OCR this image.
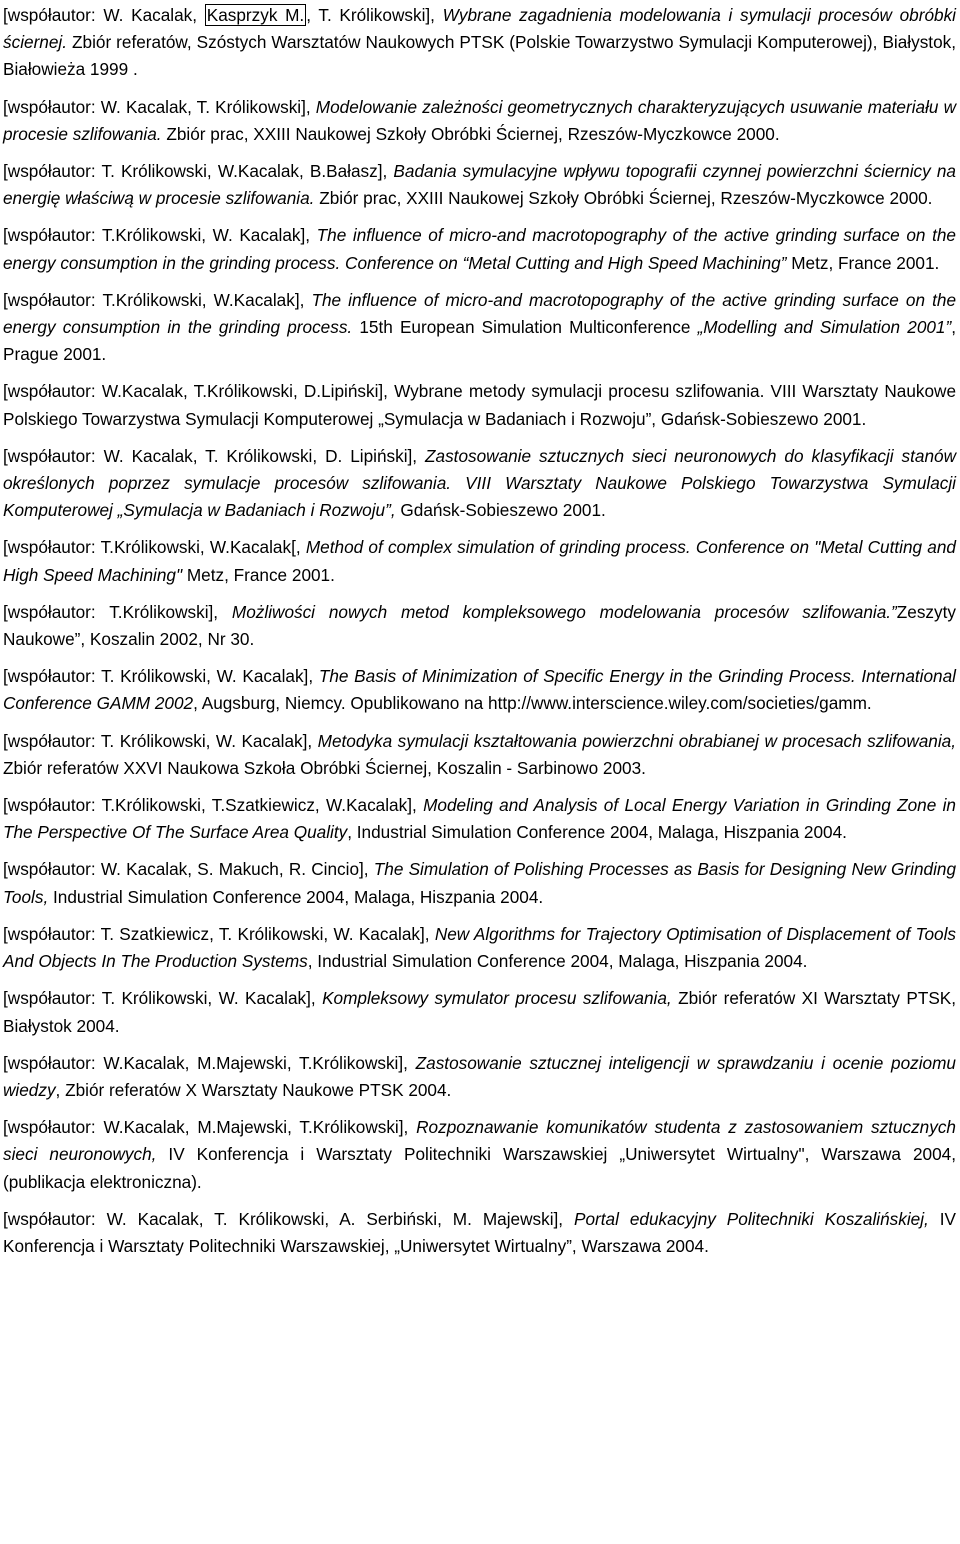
[współautor: W. Kacalak, Kasprzyk M. , T. Królikowski], Wybrane zagadnienia modelowania i symulacji procesów obróbki ściernej. Zbiór referatów, Szóstych Warsztatów Naukowych PTSK (Polskie Towarzystwo Symulacji Komputerowej), Białystok, Białowieża 1999 .

[współautor: W. Kacalak, T. Królikowski], Modelowanie zależności geometrycznych charakteryzujących usuwanie materiału w procesie szlifowania. Zbiór prac, XXIII Naukowej Szkoły Obróbki Ściernej, Rzeszów-Myczkowce 2000.

[współautor: T. Królikowski, W.Kacalak, B.Bałasz], Badania symulacyjne wpływu topografii czynnej powierzchni ściernicy na energię właściwą w procesie szlifowania. Zbiór prac, XXIII Naukowej Szkoły Obróbki Ściernej, Rzeszów-Myczkowce 2000.

[współautor: T.Królikowski, W. Kacalak], The influence of micro-and macrotopography of the active grinding surface on the energy consumption in the grinding process. Conference on “Metal Cutting and High Speed Machining” Metz, France 2001.

[współautor: T.Królikowski, W.Kacalak], The influence of micro-and macrotopography of the active grinding surface on the energy consumption in the grinding process. 15th European Simulation Multiconference „Modelling and Simulation 2001”, Prague 2001.

[współautor: W.Kacalak, T.Królikowski, D.Lipiński], Wybrane metody symulacji procesu szlifowania. VIII Warsztaty Naukowe Polskiego Towarzystwa Symulacji Komputerowej „Symulacja w Badaniach i Rozwoju”, Gdańsk-Sobieszewo 2001.

[współautor: W. Kacalak, T. Królikowski, D. Lipiński], Zastosowanie sztucznych sieci neuronowych do klasyfikacji stanów określonych poprzez symulacje procesów szlifowania. VIII Warsztaty Naukowe Polskiego Towarzystwa Symulacji Komputerowej „Symulacja w Badaniach i Rozwoju”, Gdańsk-Sobieszewo 2001.

[współautor: T.Królikowski, W.Kacalak[, Method of complex simulation of grinding process. Conference on "Metal Cutting and High Speed Machining" Metz, France 2001.

[współautor: T.Królikowski], Możliwości nowych metod kompleksowego modelowania procesów szlifowania.”Zeszyty Naukowe”, Koszalin 2002, Nr 30.

[współautor: T. Królikowski, W. Kacalak], The Basis of Minimization of Specific Energy in the Grinding Process. International Conference GAMM 2002, Augsburg, Niemcy. Opublikowano na http://www.interscience.wiley.com/societies/gamm.

[współautor: T. Królikowski, W. Kacalak], Metodyka symulacji kształtowania powierzchni obrabianej w procesach szlifowania, Zbiór referatów XXVI Naukowa Szkoła Obróbki Ściernej, Koszalin - Sarbinowo 2003.

[współautor: T.Królikowski, T.Szatkiewicz, W.Kacalak], Modeling and Analysis of Local Energy Variation in Grinding Zone in The Perspective Of The Surface Area Quality, Industrial Simulation Conference 2004, Malaga, Hiszpania 2004.

[współautor: W. Kacalak, S. Makuch, R. Cincio], The Simulation of Polishing Processes as Basis for Designing New Grinding Tools, Industrial Simulation Conference 2004, Malaga, Hiszpania 2004.

[współautor: T. Szatkiewicz, T. Królikowski, W. Kacalak], New Algorithms for Trajectory Optimisation of Displacement of Tools And Objects In The Production Systems, Industrial Simulation Conference 2004, Malaga, Hiszpania 2004.

[współautor: T. Królikowski, W. Kacalak], Kompleksowy symulator procesu szlifowania, Zbiór referatów XI Warsztaty PTSK, Białystok 2004.

[współautor: W.Kacalak, M.Majewski, T.Królikowski], Zastosowanie sztucznej inteligencji w sprawdzaniu i ocenie poziomu wiedzy, Zbiór referatów X Warsztaty Naukowe PTSK 2004.

[współautor: W.Kacalak, M.Majewski, T.Królikowski], Rozpoznawanie komunikatów studenta z zastosowaniem sztucznych sieci neuronowych, IV Konferencja i Warsztaty Politechniki Warszawskiej „Uniwersytet Wirtualny", Warszawa 2004, (publikacja elektroniczna).

[współautor: W. Kacalak, T. Królikowski, A. Serbiński, M. Majewski], Portal edukacyjny Politechniki Koszalińskiej, IV Konferencja i Warsztaty Politechniki Warszawskiej, „Uniwersytet Wirtualny”, Warszawa 2004.
